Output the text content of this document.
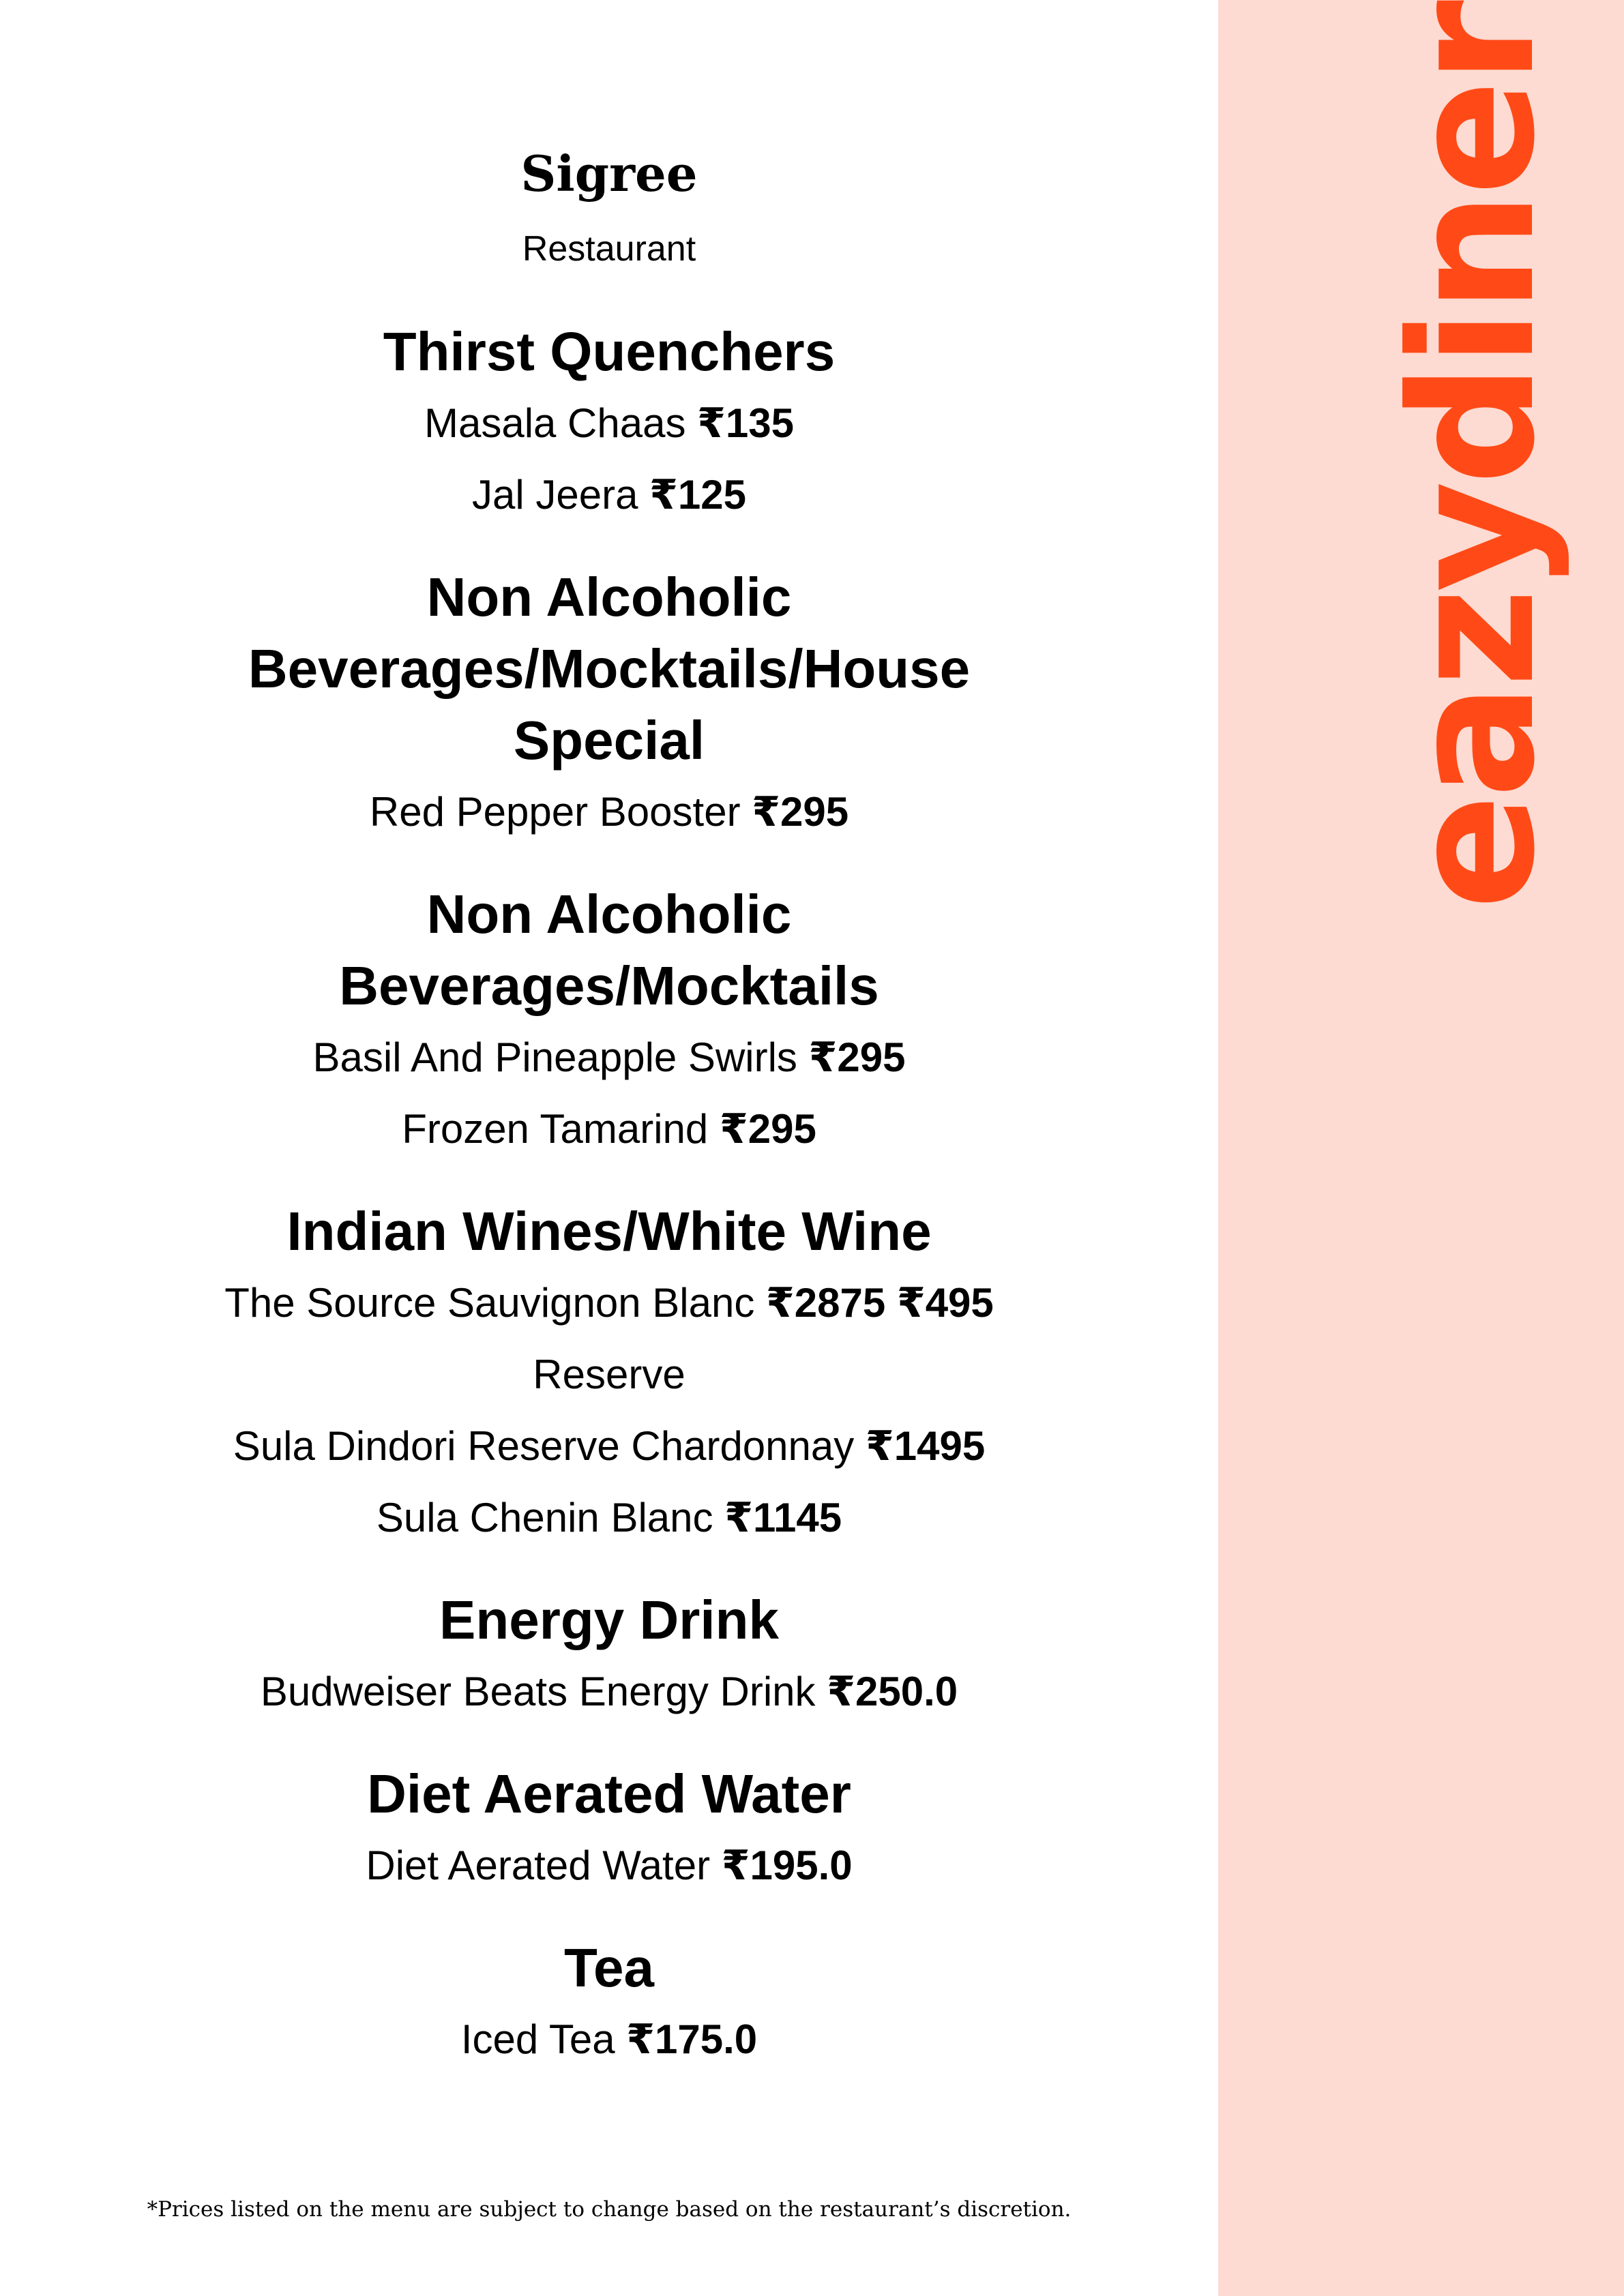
Sigree
Restaurant
Thirst Quenchers
Masala Chaas ₹135
Jal Jeera ₹125
Non Alcoholic Beverages/Mocktails/House Special
Red Pepper Booster ₹295
Non Alcoholic Beverages/Mocktails
Basil And Pineapple Swirls ₹295
Frozen Tamarind ₹295
Indian Wines/White Wine
The Source Sauvignon Blanc ₹2875 ₹495
Reserve
Sula Dindori Reserve Chardonnay ₹1495
Sula Chenin Blanc ₹1145
Energy Drink
Budweiser Beats Energy Drink ₹250.0
Diet Aerated Water
Diet Aerated Water ₹195.0
Tea
Iced Tea ₹175.0
*Prices listed on the menu are subject to change based on the restaurant’s discretion.
eazydiner
